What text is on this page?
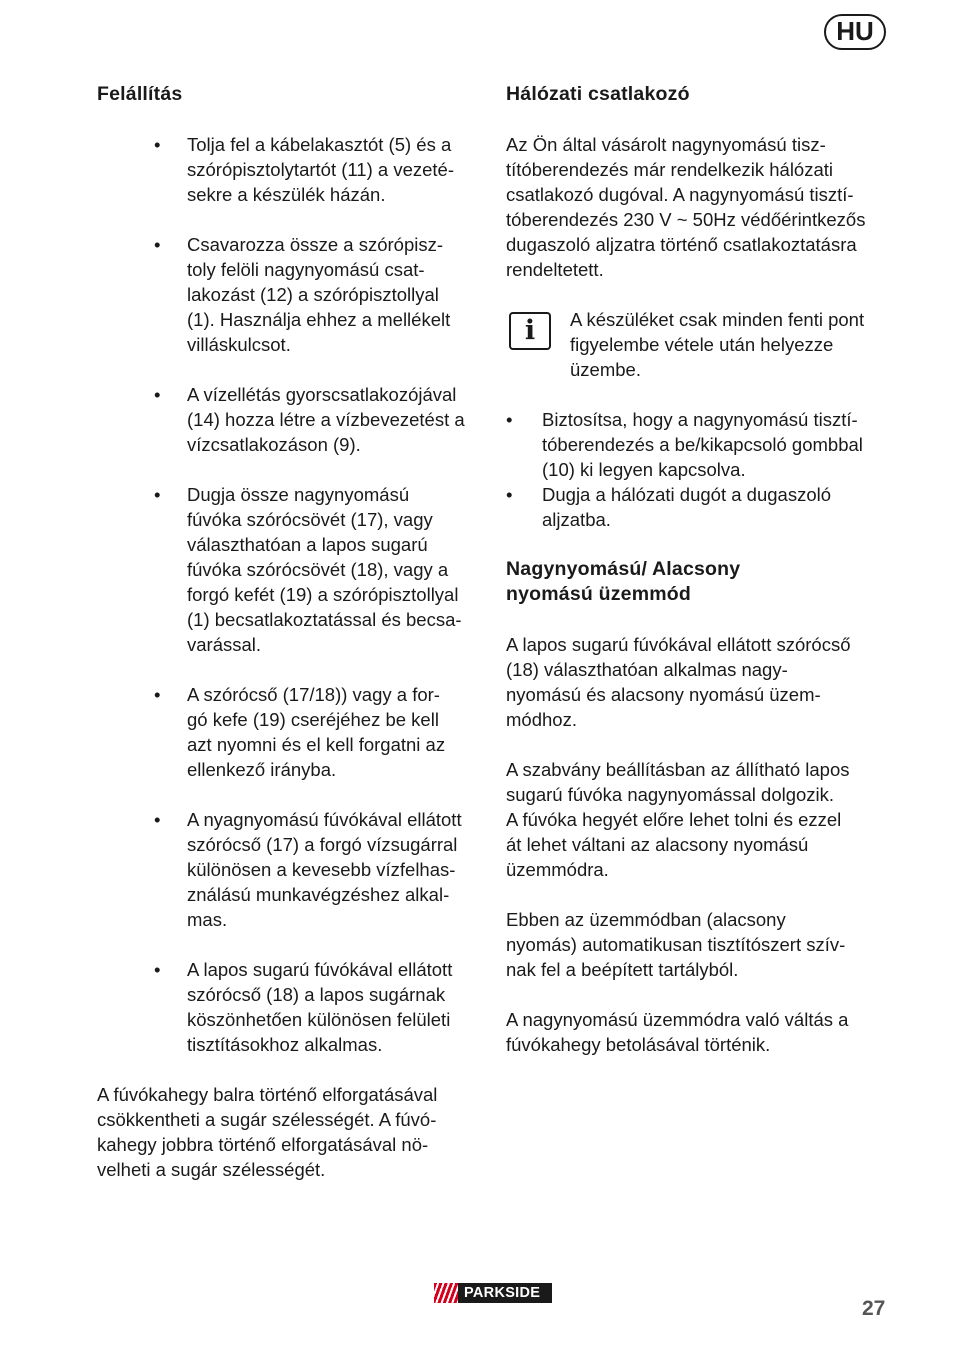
HU
Felállítás
• Tolja fel a kábelakasztót (5) és a
szórópisztolytartót (11) a vezeté-
sekre a készülék házán.
• Csavarozza össze a szórópisz-
toly felöli nagynyomású csat-
lakozást (12) a szórópisztollyal
(1). Használja ehhez a mellékelt
villáskulcsot.
• A vízellétás gyorscsatlakozójával
(14) hozza létre a vízbevezetést a
vízcsatlakozáson (9).
• Dugja össze nagynyomású
fúvóka szórócsövét (17), vagy
választhatóan a lapos sugarú
fúvóka szórócsövét (18), vagy a
forgó kefét (19) a szórópisztollyal
(1) becsatlakoztatással és becsa-
varással.
• A szórócső (17/18)) vagy a for-
gó kefe (19) cseréjéhez be kell
azt nyomni és el kell forgatni az
ellenkező irányba.
• A nyagnyomású fúvókával ellátott
szórócső (17) a forgó vízsugárral
különösen a kevesebb vízfelhas-
ználású munkavégzéshez alkal-
mas.
• A lapos sugarú fúvókával ellátott
szórócső (18) a lapos sugárnak
köszönhetően különösen felületi
tisztításokhoz alkalmas.

A fúvókahegy balra történő elforgatásával
csökkentheti a sugár szélességét. A fúvó-
kahegy jobbra történő elforgatásával nö-
velheti a sugár szélességét.

Hálózati csatlakozó

Az Ön által vásárolt nagynyomású tisz-
títóberendezés már rendelkezik hálózati
csatlakozó dugóval. A nagynyomású tisztí-
tóberendezés 230 V ~ 50Hz védőérintkezős
dugaszoló aljzatra történő csatlakoztatásra
rendeltetett.

i	A készüléket csak minden fenti pont
figyelembe vétele után helyezze
üzembe.
• Biztosítsa, hogy a nagynyomású tisztí-
tóberendezés a be/kikapcsoló gombbal
(10) ki legyen kapcsolva.
• Dugja a hálózati dugót a dugaszoló
aljzatba.
Nagynyomású/ Alacsony
nyomású üzemmód

A lapos sugarú fúvókával ellátott szórócső
(18) választhatóan alkalmas nagy-
nyomású és alacsony nyomású üzem-
módhoz.

A szabvány beállításban az állítható lapos
sugarú fúvóka nagynyomással dolgozik.
A fúvóka hegyét előre lehet tolni és ezzel
át lehet váltani az alacsony nyomású
üzemmódra.

Ebben az üzemmódban (alacsony
nyomás) automatikusan tisztítószert szív-
nak fel a beépített tartályból.

A nagynyomású üzemmódra való váltás a
fúvókahegy betolásával történik.

PARKSIDE
27
